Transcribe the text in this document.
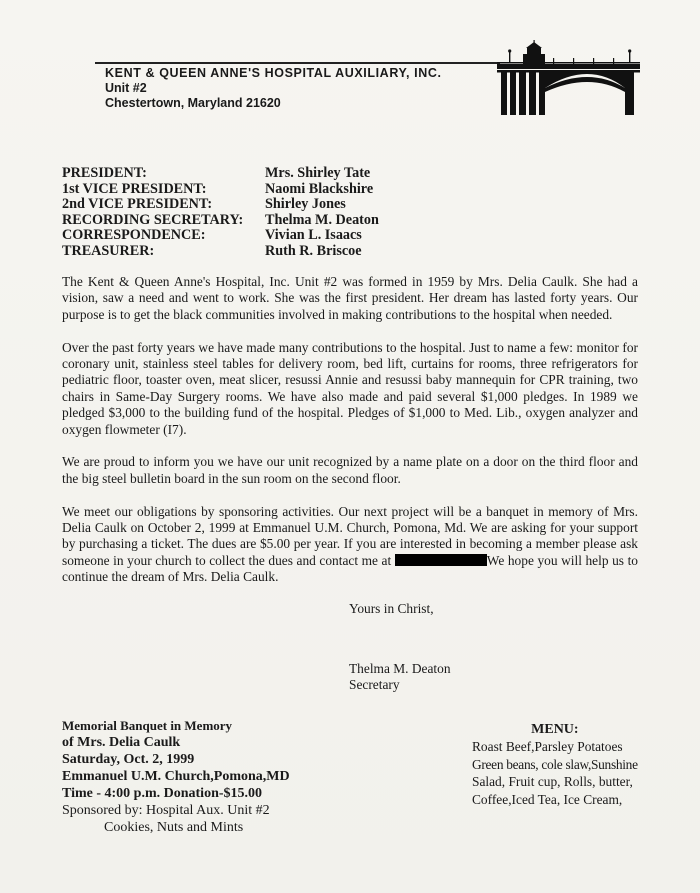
KENT & QUEEN ANNE'S HOSPITAL AUXILIARY, INC.
Unit #2
Chestertown, Maryland 21620
PRESIDENT:	Mrs. Shirley Tate
1st VICE PRESIDENT:	Naomi Blackshire
2nd VICE PRESIDENT:	Shirley Jones
RECORDING SECRETARY:	Thelma M. Deaton
CORRESPONDENCE:	Vivian L. Isaacs
TREASURER:	Ruth R. Briscoe

The Kent & Queen Anne's Hospital, Inc. Unit #2 was formed in 1959 by Mrs. Delia Caulk. She had a vision, saw a need and went to work. She was the first president. Her dream has lasted forty years. Our purpose is to get the black communities involved in making contributions to the hospital when needed.

Over the past forty years we have made many contributions to the hospital. Just to name a few: monitor for coronary unit, stainless steel tables for delivery room, bed lift, curtains for rooms, three refrigerators for pediatric floor, toaster oven, meat slicer, resussi Annie and resussi baby mannequin for CPR training, two chairs in Same-Day Surgery rooms. We have also made and paid several $1,000 pledges. In 1989 we pledged $3,000 to the building fund of the hospital. Pledges of $1,000 to Med. Lib., oxygen analyzer and oxygen flowmeter (I7).

We are proud to inform you we have our unit recognized by a name plate on a door on the third floor and the big steel bulletin board in the sun room on the second floor.

We meet our obligations by sponsoring activities. Our next project will be a banquet in memory of Mrs. Delia Caulk on October 2, 1999 at Emmanuel U.M. Church, Pomona, Md. We are asking for your support by purchasing a ticket. The dues are $5.00 per year. If you are interested in becoming a member please ask someone in your church to collect the dues and contact me at	We hope you will help us to continue the dream of Mrs. Delia Caulk.

Yours in Christ,
Thelma M. Deaton
Secretary
Memorial Banquet in Memory
of Mrs. Delia Caulk
Saturday, Oct. 2, 1999
Emmanuel U.M. Church,Pomona,MD
Time - 4:00 p.m. Donation-$15.00
Sponsored by: Hospital Aux. Unit #2
Cookies, Nuts and Mints
MENU:
Roast Beef,Parsley Potatoes
Green beans, cole slaw,Sunshine
Salad, Fruit cup, Rolls, butter,
Coffee,Iced Tea, Ice Cream,
